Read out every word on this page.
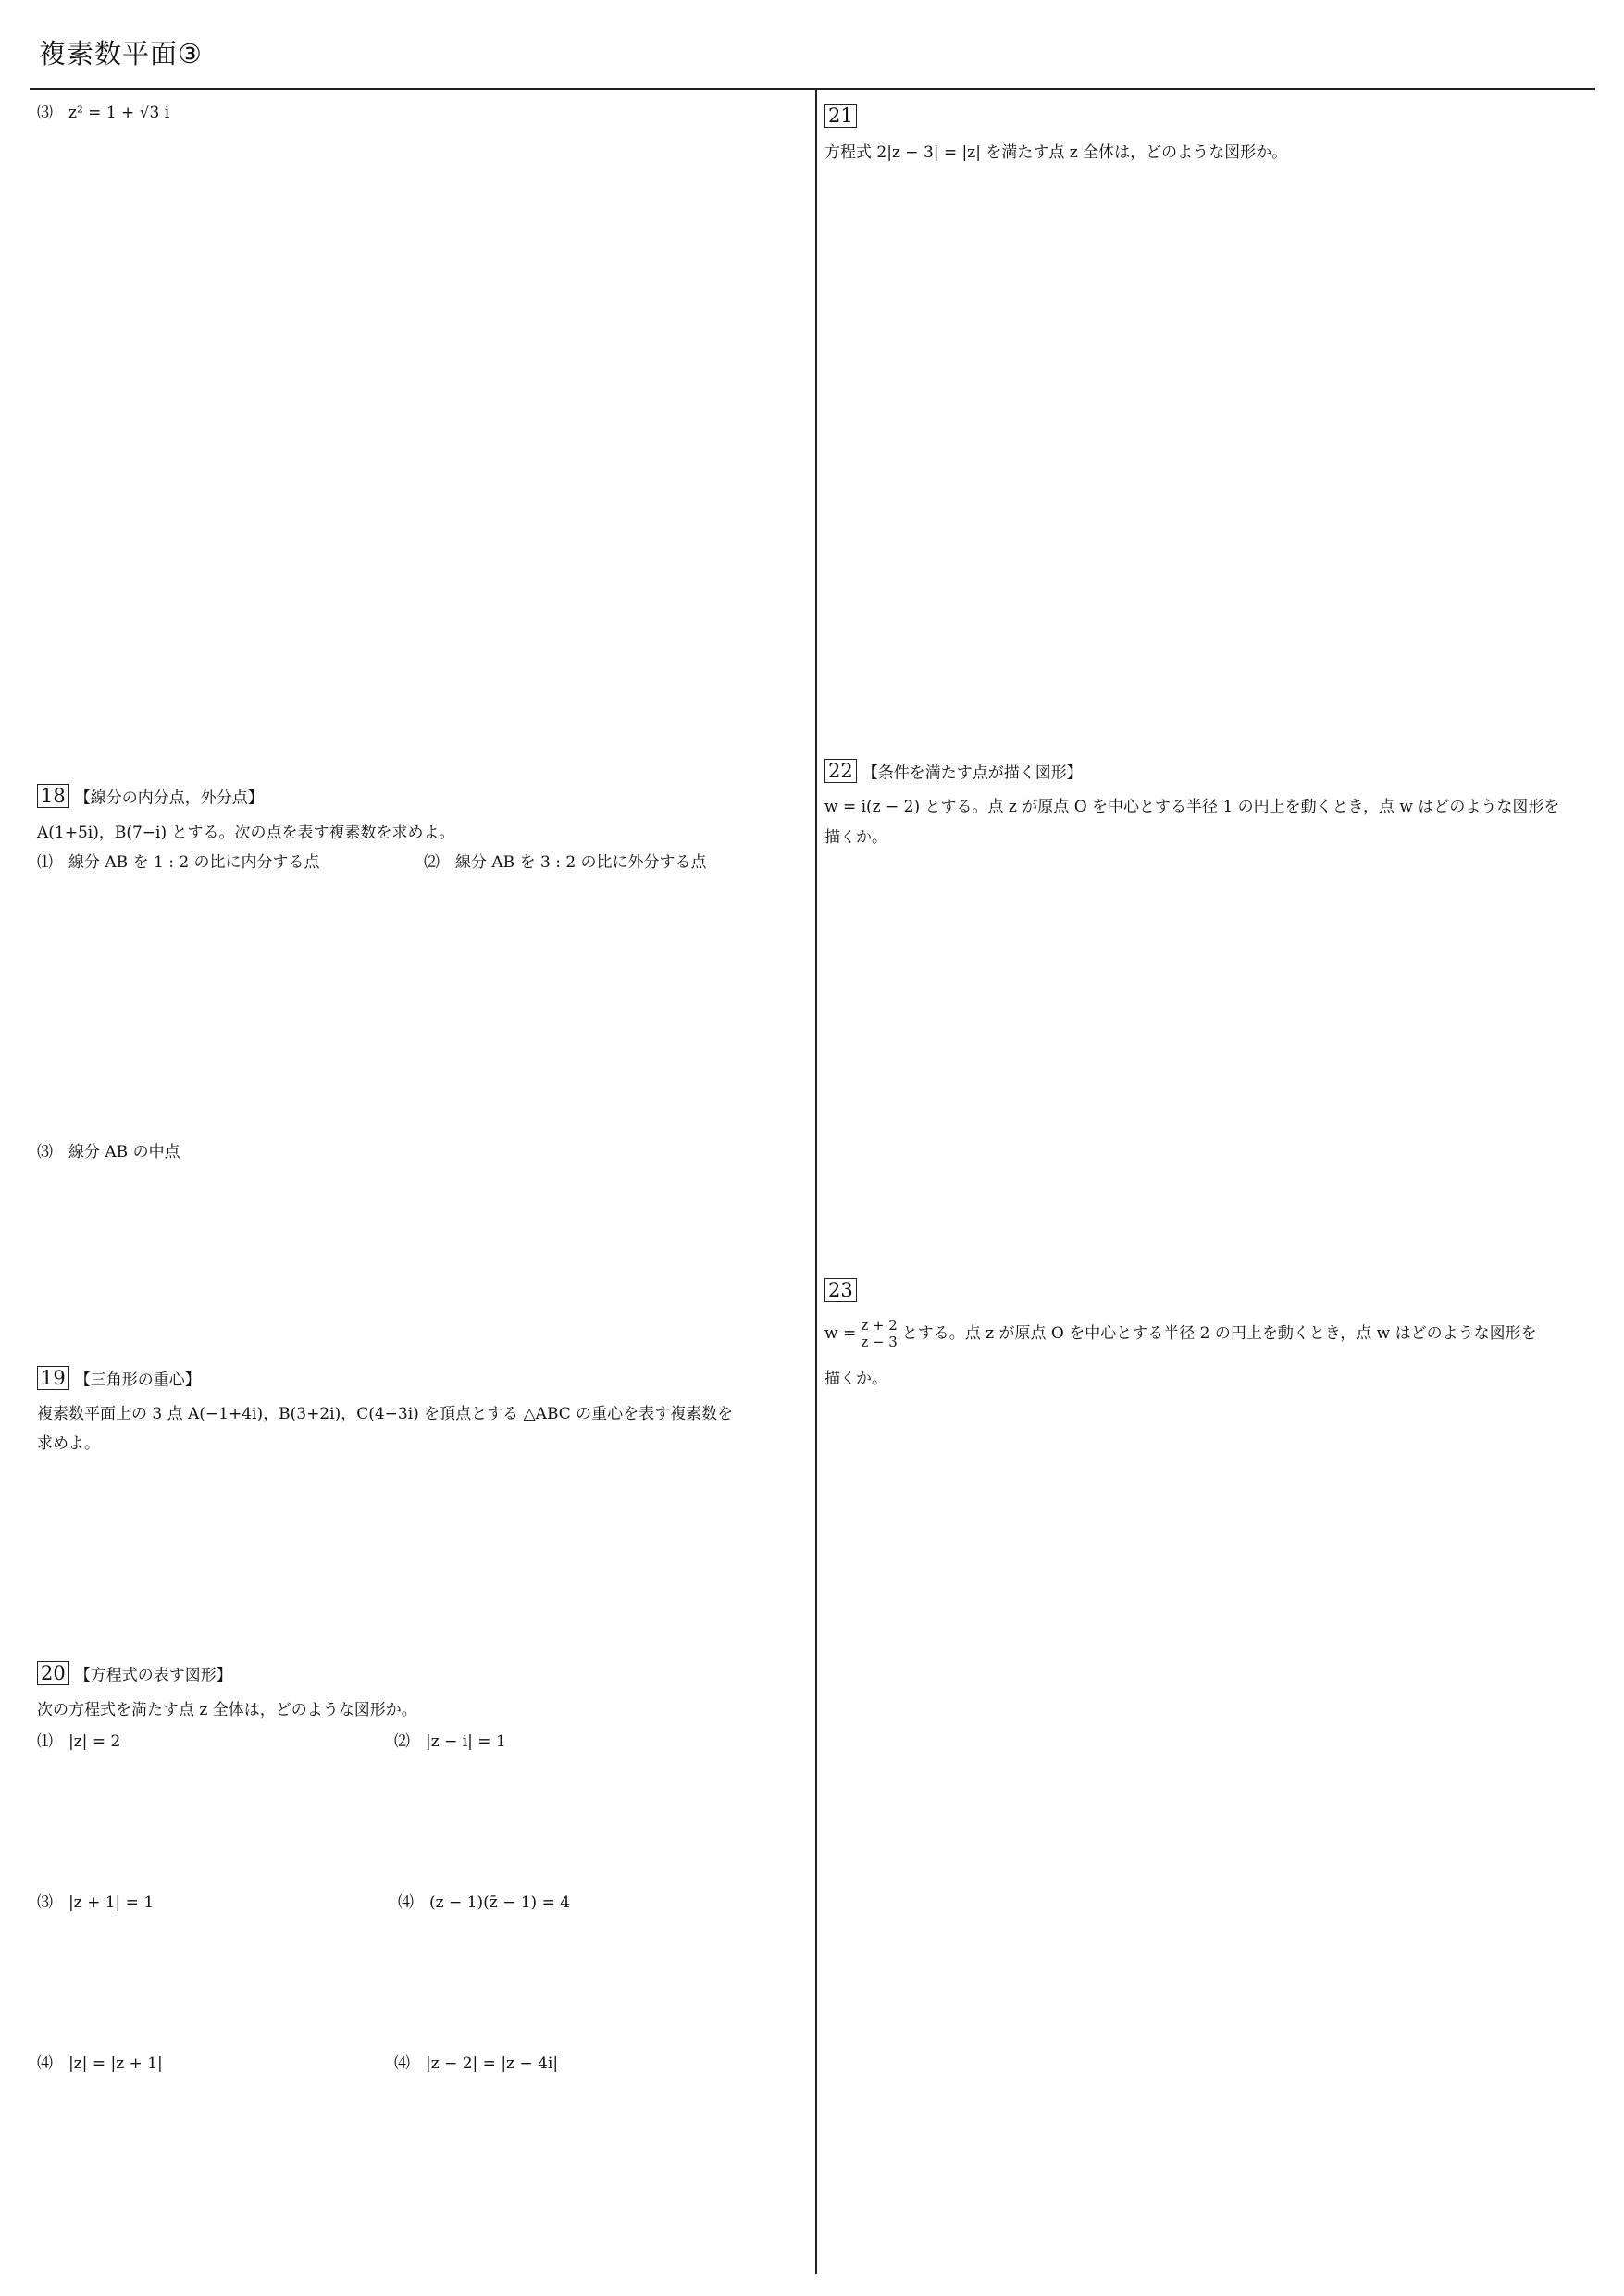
複素数平面③
⑶　z² = 1 + √3 i
18 【線分の内分点，外分点】
A(1+5i)，B(7−i) とする。次の点を表す複素数を求めよ。
⑴　線分 AB を 1 : 2 の比に内分する点	⑵　線分 AB を 3 : 2 の比に外分する点
⑶　線分 AB の中点
19 【三角形の重心】
複素数平面上の 3 点 A(−1+4i)，B(3+2i)，C(4−3i) を頂点とする △ABC の重心を表す複素数を
求めよ。
20 【方程式の表す図形】
次の方程式を満たす点 z 全体は，どのような図形か。
⑴　|z| = 2	⑵　|z − i| = 1
⑶　|z + 1| = 1	⑷　(z − 1)(z̄ − 1) = 4
⑷　|z| = |z + 1|	⑷　|z − 2| = |z − 4i|
21
方程式 2|z − 3| = |z| を満たす点 z 全体は，どのような図形か。
22 【条件を満たす点が描く図形】
w = i(z − 2) とする。点 z が原点 O を中心とする半径 1 の円上を動くとき，点 w はどのような図形を
描くか。
23
$w = \frac{z + 2}{z - 3}$ とする。点 z が原点 O を中心とする半径 2 の円上を動くとき，点 w はどのような図形を
描くか。
